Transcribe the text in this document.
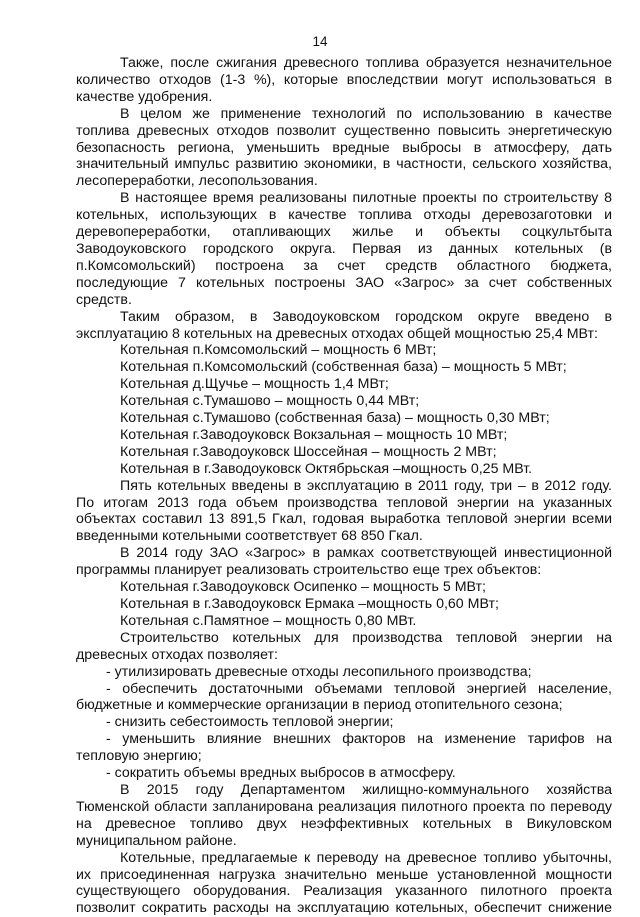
14

Также, после сжигания древесного топлива образуется незначительное количество отходов (1-3 %), которые впоследствии могут использоваться в качестве удобрения.

В целом же применение технологий по использованию в качестве топлива древесных отходов позволит существенно повысить энергетическую безопасность региона, уменьшить вредные выбросы в атмосферу, дать значительный импульс развитию экономики, в частности, сельского хозяйства, лесопереработки, лесопользования.

В настоящее время реализованы пилотные проекты по строительству 8 котельных, использующих в качестве топлива отходы деревозаготовки и деревопереработки, отапливающих жилье и объекты соцкультбыта Заводоуковского городского округа. Первая из данных котельных (в п.Комсомольский) построена за счет средств областного бюджета, последующие 7 котельных построены ЗАО «Загрос» за счет собственных средств.

Таким образом, в Заводоуковском городском округе введено в эксплуатацию 8 котельных на древесных отходах общей мощностью 25,4 МВт:

Котельная п.Комсомольский – мощность 6 МВт;

Котельная п.Комсомольский (собственная база) – мощность 5 МВт;

Котельная д.Щучье – мощность 1,4 МВт;

Котельная с.Тумашово – мощность 0,44 МВт;

Котельная с.Тумашово (собственная база) – мощность 0,30 МВт;

Котельная г.Заводоуковск Вокзальная – мощность 10 МВт;

Котельная г.Заводоуковск Шоссейная – мощность 2 МВт;

Котельная в г.Заводоуковск Октябрьская –мощность 0,25 МВт.

Пять котельных введены в эксплуатацию в 2011 году, три – в 2012 году. По итогам 2013 года объем производства тепловой энергии на указанных объектах составил 13 891,5 Гкал, годовая выработка тепловой энергии всеми введенными котельными соответствует 68 850 Гкал.

В 2014 году ЗАО «Загрос» в рамках соответствующей инвестиционной программы планирует реализовать строительство еще трех объектов:

Котельная г.Заводоуковск Осипенко – мощность 5 МВт;

Котельная в г.Заводоуковск Ермака –мощность 0,60 МВт;

Котельная с.Памятное – мощность 0,80 МВт.

Строительство котельных для производства тепловой энергии на древесных отходах позволяет:

- утилизировать древесные отходы лесопильного производства;

- обеспечить достаточными объемами тепловой энергией население, бюджетные и коммерческие организации в период отопительного сезона;

- снизить себестоимость тепловой энергии;

- уменьшить влияние внешних факторов на изменение тарифов на тепловую энергию;

- сократить объемы вредных выбросов в атмосферу.

В 2015 году Департаментом жилищно-коммунального хозяйства Тюменской области запланирована реализация пилотного проекта по переводу на древесное топливо двух неэффективных котельных в Викуловском муниципальном районе.

Котельные, предлагаемые к переводу на древесное топливо убыточны, их присоединенная нагрузка значительно меньше установленной мощности существующего оборудования. Реализация указанного пилотного проекта позволит сократить расходы на эксплуатацию котельных, обеспечит снижение
